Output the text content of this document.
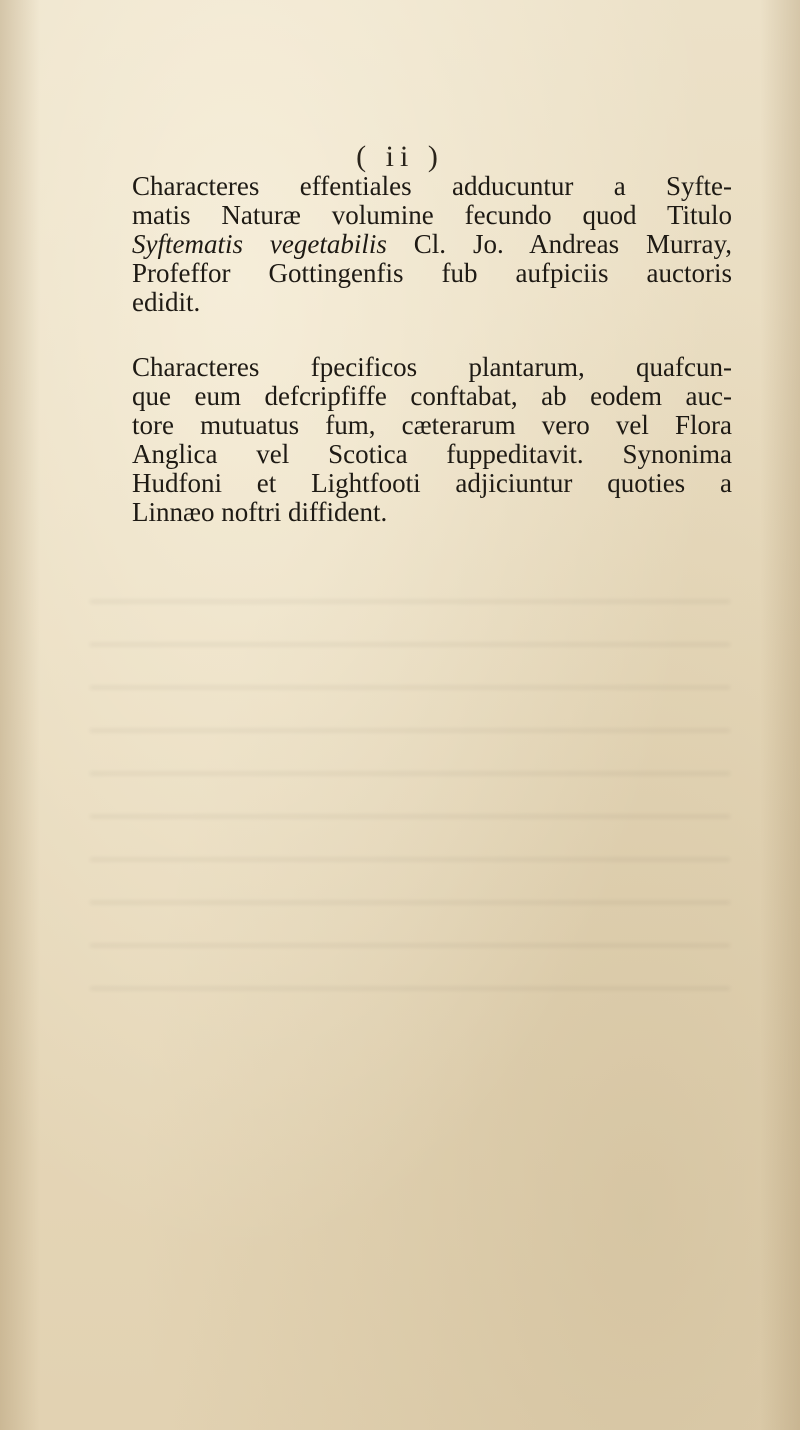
( ii )

Characteres effentiales adducuntur a Syfte-
matis Naturæ volumine fecundo quod Titulo
Syftematis vegetabilis Cl. Jo. Andreas Murray,
Profeffor Gottingenfis fub aufpiciis auctoris
edidit.

Characteres fpecificos plantarum, quafcun-
que eum defcripfiffe conftabat, ab eodem auc-
tore mutuatus fum, cæterarum vero vel Flora
Anglica vel Scotica fuppeditavit. Synonima
Hudfoni et Lightfooti adjiciuntur quoties a
Linnæo noftri diffident.
